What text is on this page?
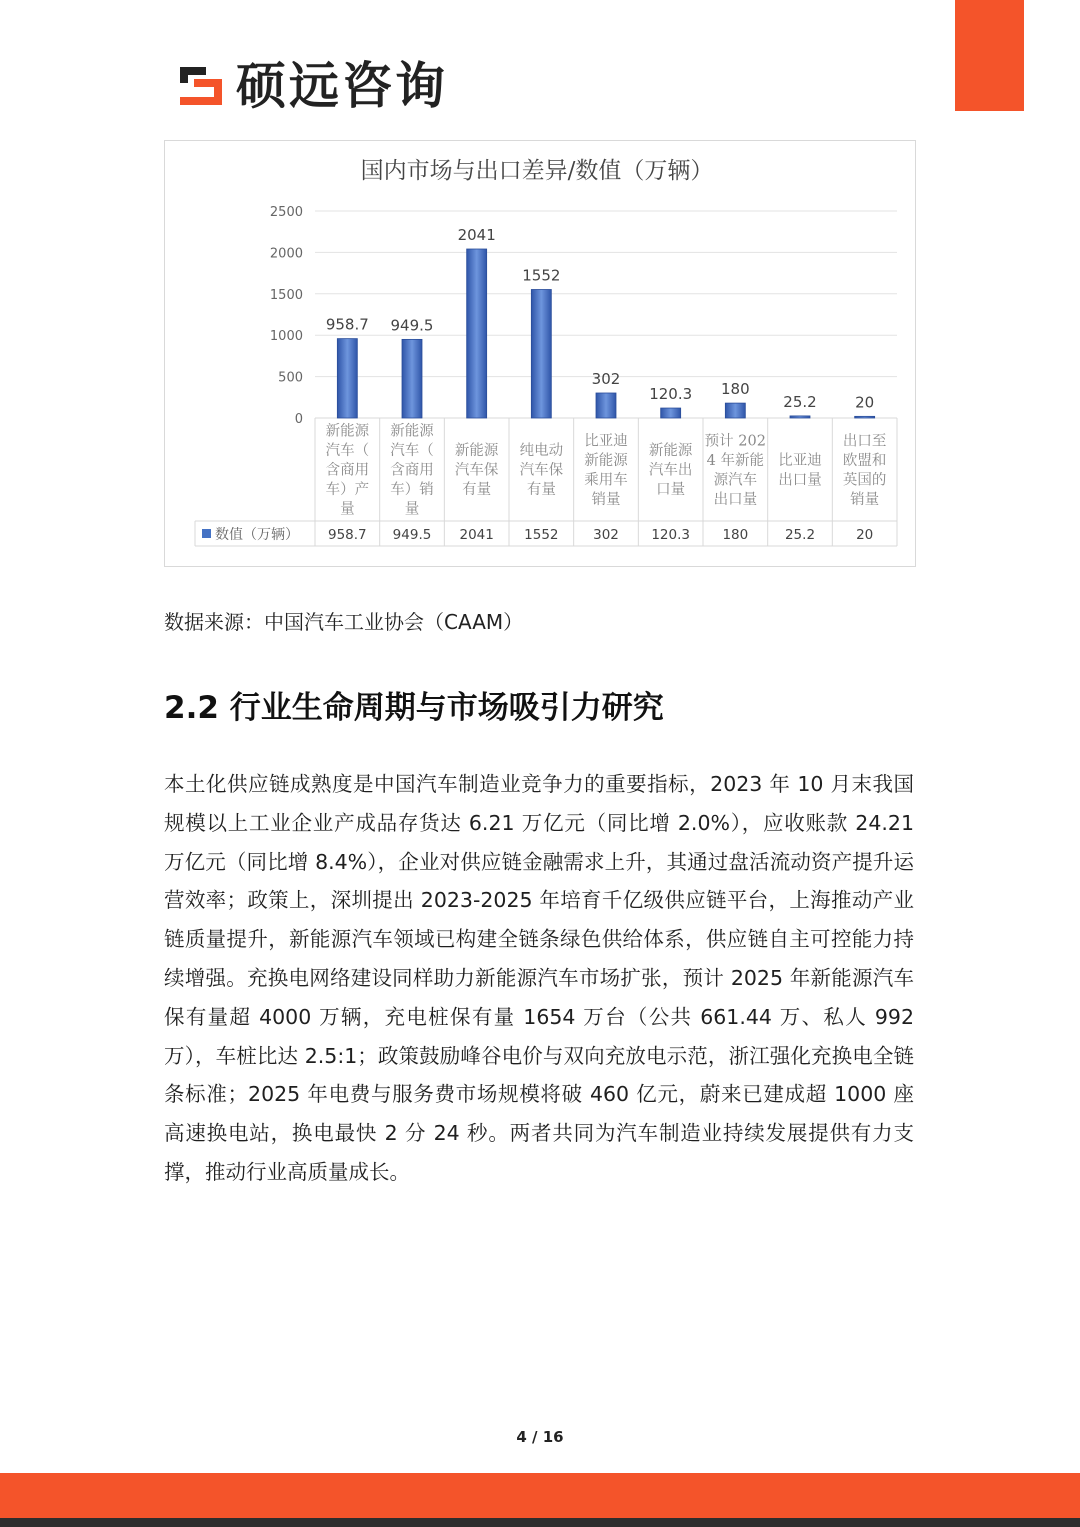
硕远咨询
国内市场与出口差异/数值（万辆）
0
500
1000
1500
2000
2500
数值（万辆）
958.7
新能源
汽车（
含商用
车）产
量
958.7
949.5
新能源
汽车（
含商用
车）销
量
949.5
2041
新能源
汽车保
有量
2041
1552
纯电动
汽车保
有量
1552
302
比亚迪
新能源
乘用车
销量
302
120.3
新能源
汽车出
口量
120.3
180
预计 202
4 年新能
源汽车
出口量
180
25.2
比亚迪
出口量
25.2
20
出口至
欧盟和
英国的
销量
20
数据来源：中国汽车工业协会（CAAM）
2.2 行业生命周期与市场吸引力研究

本土化供应链成熟度是中国汽车制造业竞争力的重要指标，2023 年 10 月末我国规模以上工业企业产成品存货达 6.21 万亿元（同比增 2.0%），应收账款 24.21 万亿元（同比增 8.4%），企业对供应链金融需求上升，其通过盘活流动资产提升运营效率；政策上，深圳提出 2023-2025 年培育千亿级供应链平台，上海推动产业链质量提升，新能源汽车领域已构建全链条绿色供给体系，供应链自主可控能力持续增强。充换电网络建设同样助力新能源汽车市场扩张，预计 2025 年新能源汽车保有量超 4000 万辆，充电桩保有量 1654 万台（公共 661.44 万、私人 992 万），车桩比达 2.5:1；政策鼓励峰谷电价与双向充放电示范，浙江强化充换电全链条标准；2025 年电费与服务费市场规模将破 460 亿元，蔚来已建成超 1000 座高速换电站，换电最快 2 分 24 秒。两者共同为汽车制造业持续发展提供有力支撑，推动行业高质量成长。

4 / 16
